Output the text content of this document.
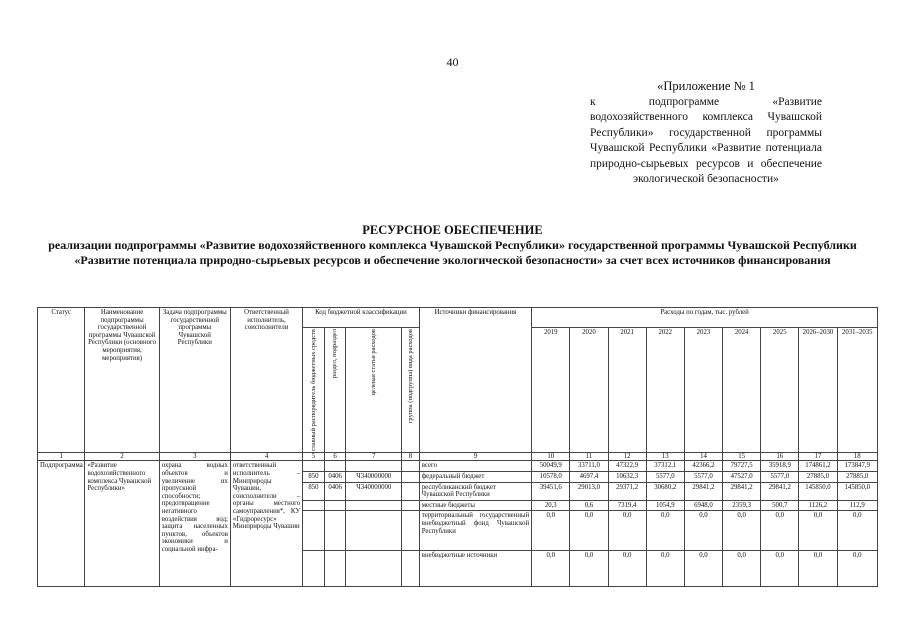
40
«Приложение № 1
к подпрограмме «Развитие водохозяйственного комплекса Чувашской Республики» государственной программы Чувашской Республики «Развитие потенциала природно-сырьевых ресурсов и обеспечение экологической безопасности»
РЕСУРСНОЕ ОБЕСПЕЧЕНИЕ
реализации подпрограммы «Развитие водохозяйственного комплекса Чувашской Республики» государственной программы Чувашской Республики «Развитие потенциала природно-сырьевых ресурсов и обеспечение экологической безопасности» за счет всех источников финансирования
Статус	Наименование подпрограммы государственной программы Чувашской Республики (основного мероприятия, мероприятия)	Задача подпрограммы государственной программы Чувашской Республики	Ответственный исполнитель, соисполнители	Код бюджетной классификации				Источники финансирования	Расходы по годам, тыс. рублей								

				главный распорядитель бюджетных средств	раздел, подраздел	целевая статья расходов	группа (подгруппа) вида расходов		2019	2020	2021	2022	2023	2024	2025	2026–2030	2031–2035
1	2	3	4	5	6	7	8	9	10	11	12	13	14	15	16	17	18
Подпрограмма	«Развитие водохозяйственного комплекса Чувашской Республики»	охрана водных объектов и увеличение их пропускной способности; предотвращение негативного воздействия вод; защита населенных пунктов, объектов экономики и социальной инфра-	ответственный исполнитель – Минприроды Чувашии, соисполнители – органы местного самоуправления*, КУ «Гидроресурс» Минприроды Чувашии					всего	50049,9	33711,0	47322,9	37312,1	42366,2	79727,5	35918,9	174861,2	173847,9
				850	0406	Ч340000000		федеральный бюджет	10578,0	4697,4	10632,3	5577,0	5577,0	47527,0	5577,0	27885,0	27885,0
				850	0406	Ч340000000		республиканский бюджет Чувашской Республики	39451,6	29013,0	29371,2	30680,2	29841,2	29841,2	29841,2	145850,0	145850,0
								местные бюджеты	20,3	0,6	7319,4	1054,9	6948,0	2359,3	500,7	1126,2	112,9
								территориальный государственный внебюджетный фонд Чувашской Республики	0,0	0,0	0,0	0,0	0,0	0,0	0,0	0,0	0,0
								внебюджетные источники	0,0	0,0	0,0	0,0	0,0	0,0	0,0	0,0	0,0
